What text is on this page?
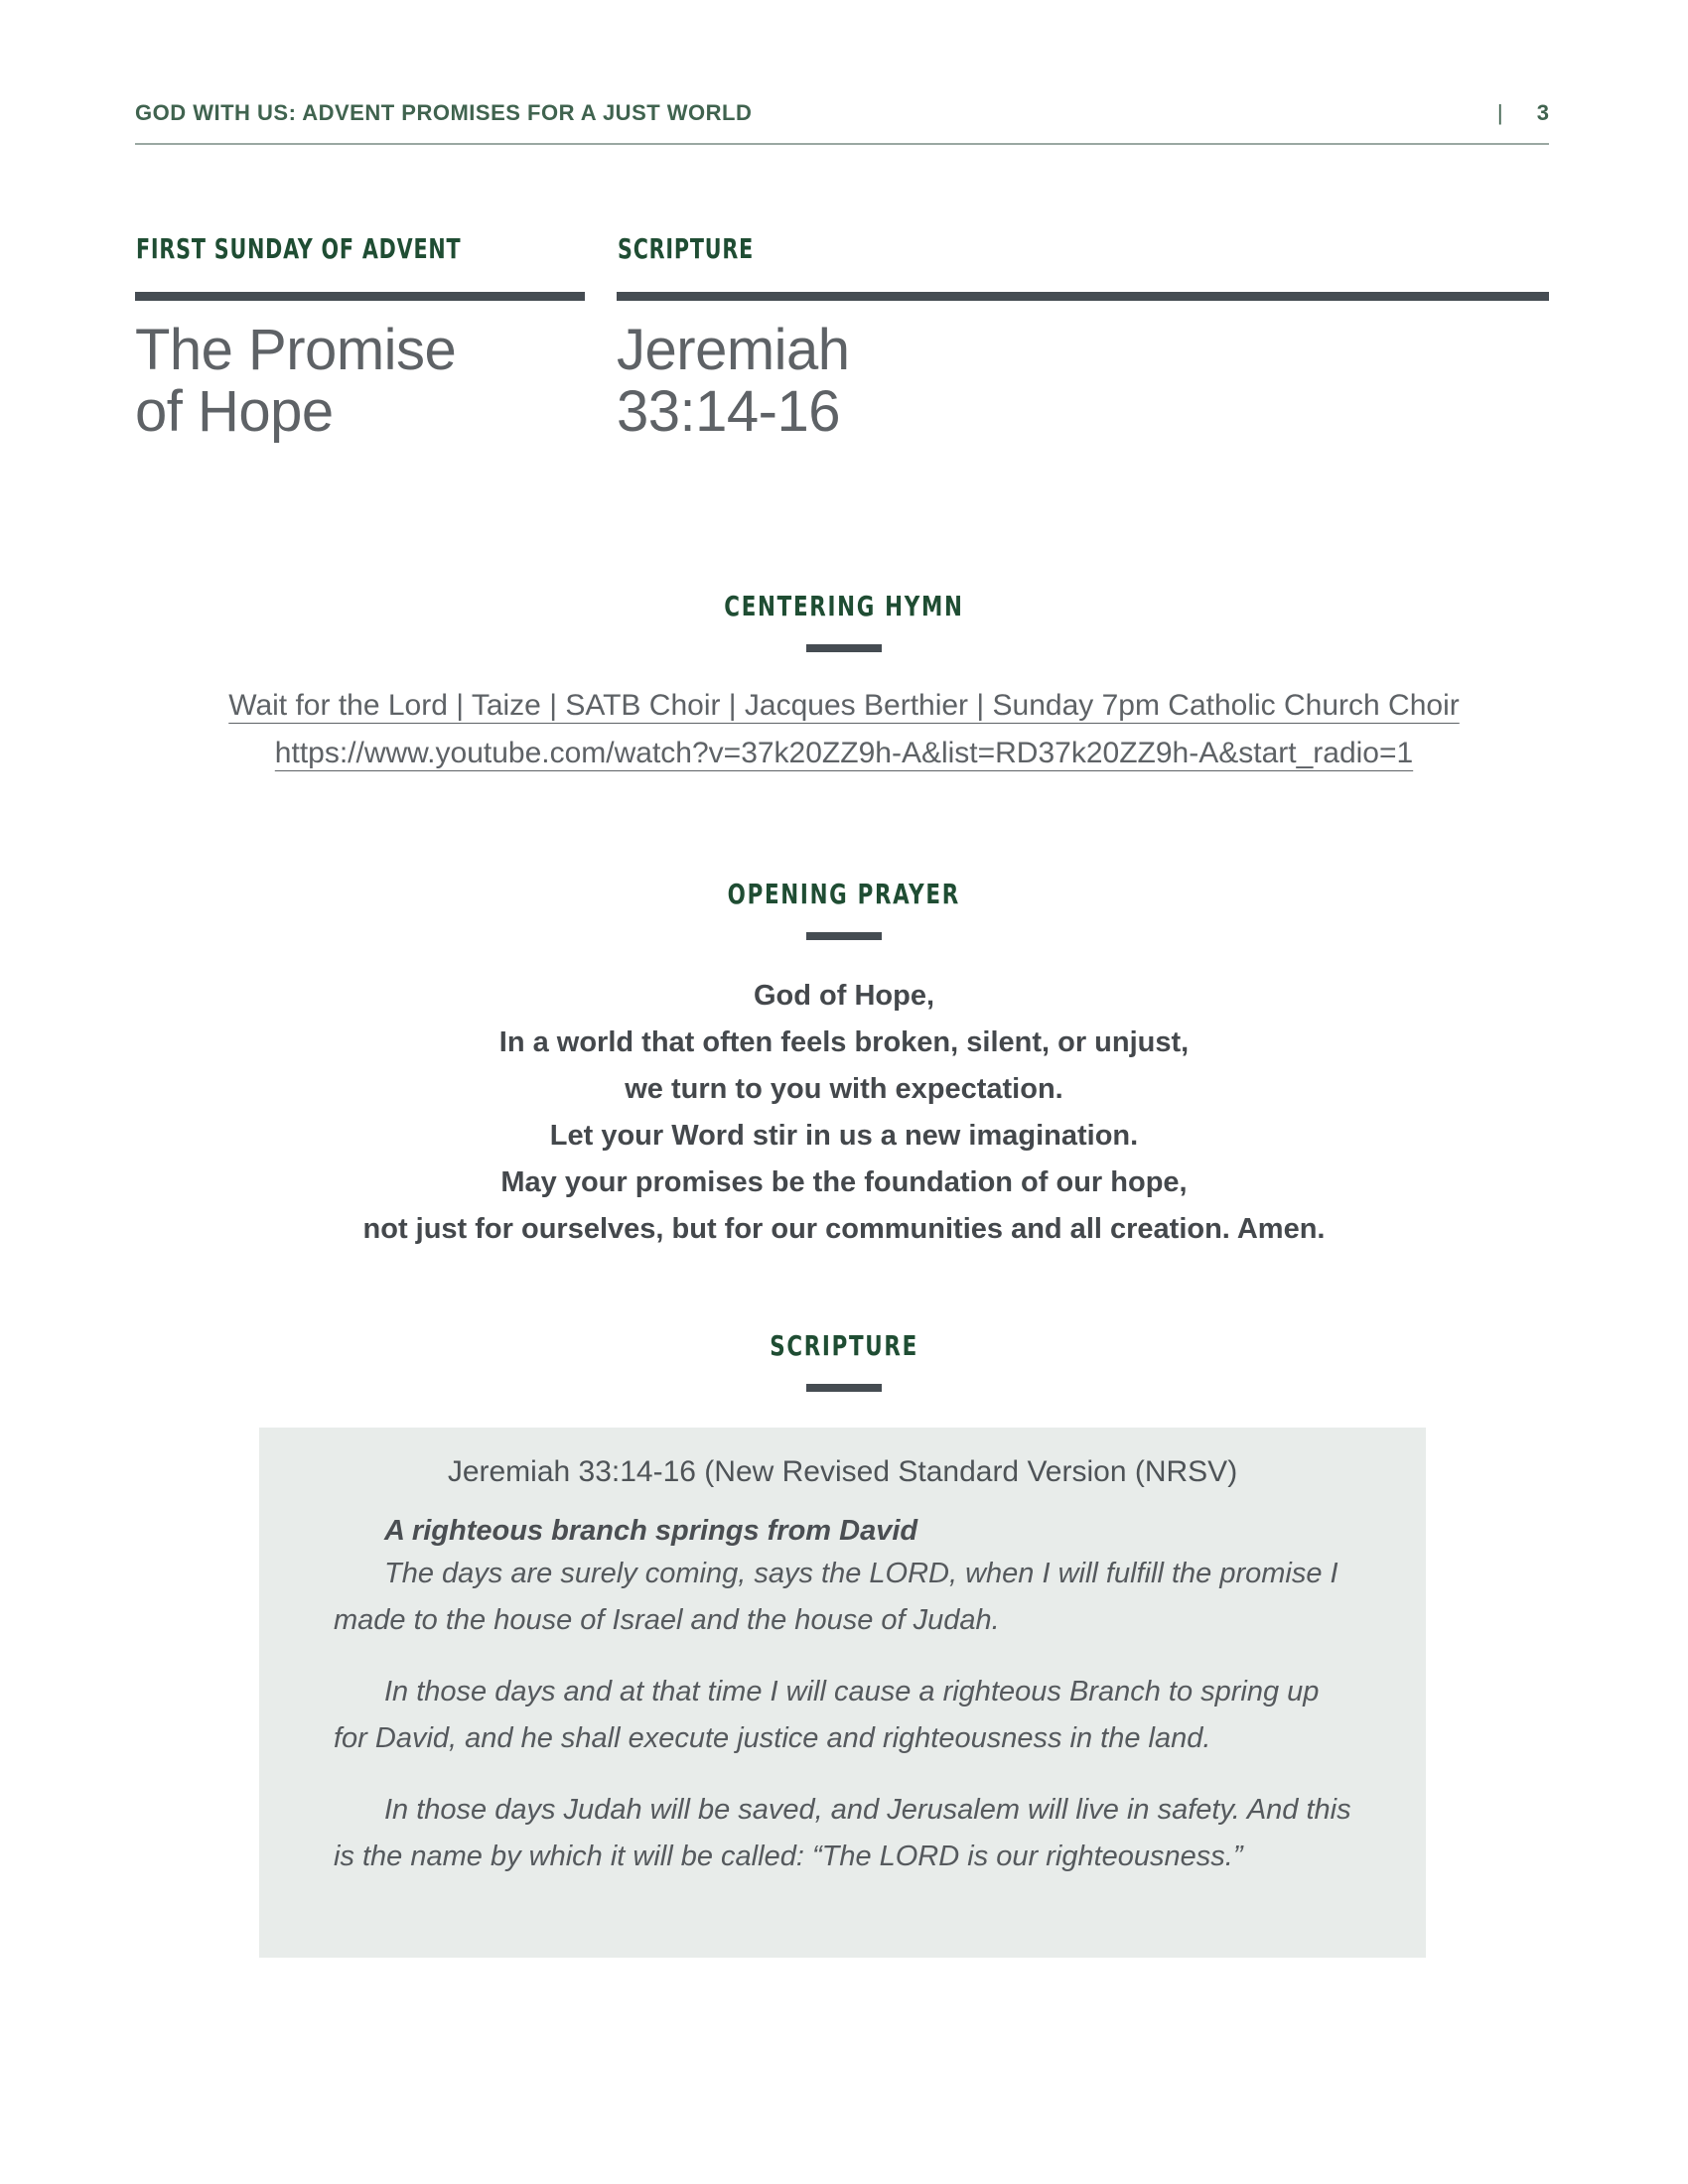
GOD WITH US: ADVENT PROMISES FOR A JUST WORLD	| 3
FIRST SUNDAY OF ADVENT
The Promise
of Hope
SCRIPTURE
Jeremiah
33:14-16
CENTERING HYMN
Wait for the Lord | Taize | SATB Choir | Jacques Berthier | Sunday 7pm Catholic Church Choir
https://www.youtube.com/watch?v=37k20ZZ9h-A&list=RD37k20ZZ9h-A&start_radio=1
OPENING PRAYER
God of Hope,
In a world that often feels broken, silent, or unjust,
we turn to you with expectation.
Let your Word stir in us a new imagination.
May your promises be the foundation of our hope,
not just for ourselves, but for our communities and all creation. Amen.
SCRIPTURE
Jeremiah 33:14-16 (New Revised Standard Version (NRSV)
A righteous branch springs from David

The days are surely coming, says the LORD, when I will fulfill the promise I made to the house of Israel and the house of Judah.

In those days and at that time I will cause a righteous Branch to spring up for David, and he shall execute justice and righteousness in the land.

In those days Judah will be saved, and Jerusalem will live in safety. And this is the name by which it will be called: “The LORD is our righteousness.”
